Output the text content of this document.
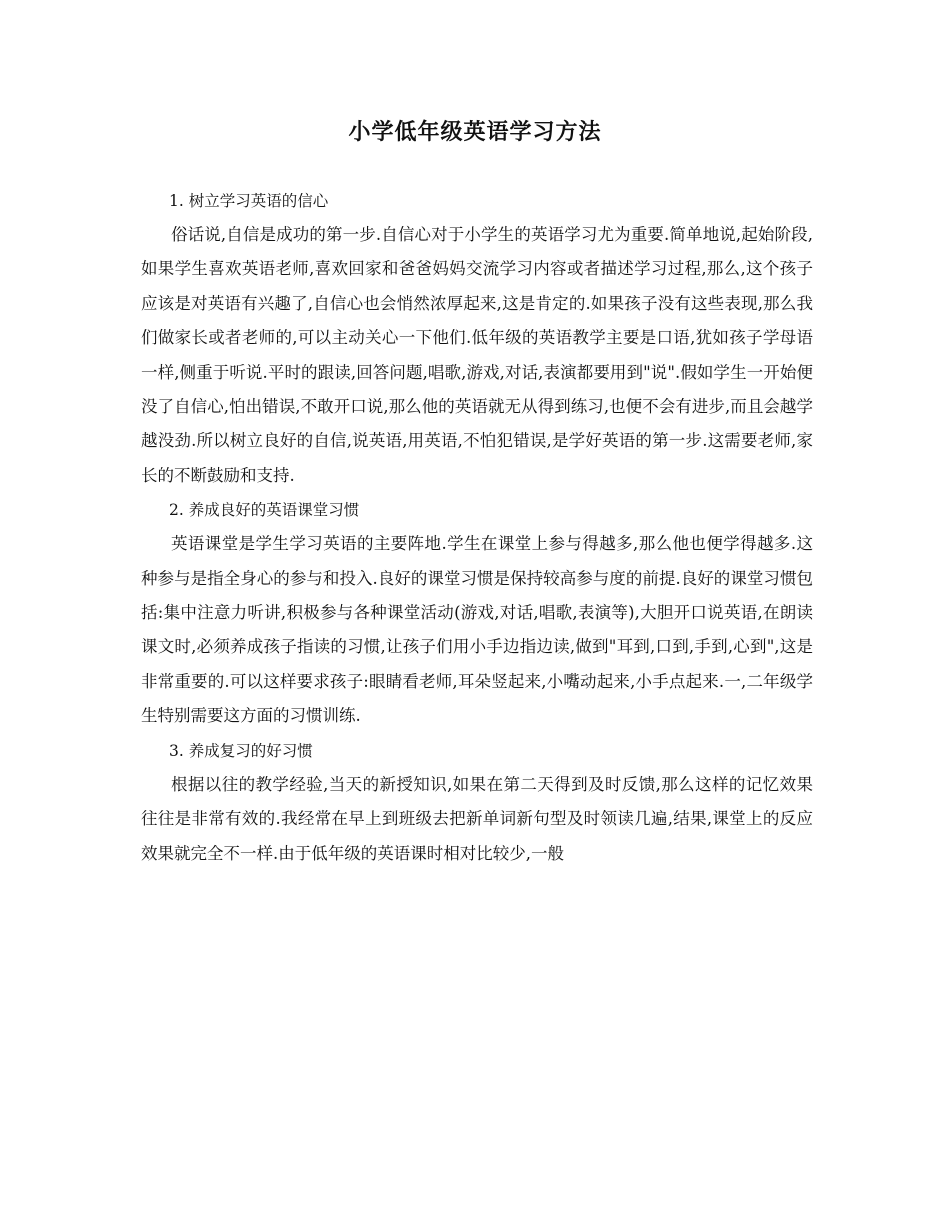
小学低年级英语学习方法

1. 树立学习英语的信心

俗话说,自信是成功的第一步.自信心对于小学生的英语学习尤为重要.简单地说,起始阶段,如果学生喜欢英语老师,喜欢回家和爸爸妈妈交流学习内容或者描述学习过程,那么,这个孩子应该是对英语有兴趣了,自信心也会悄然浓厚起来,这是肯定的.如果孩子没有这些表现,那么我们做家长或者老师的,可以主动关心一下他们.低年级的英语教学主要是口语,犹如孩子学母语一样,侧重于听说.平时的跟读,回答问题,唱歌,游戏,对话,表演都要用到"说".假如学生一开始便没了自信心,怕出错误,不敢开口说,那么他的英语就无从得到练习,也便不会有进步,而且会越学越没劲.所以树立良好的自信,说英语,用英语,不怕犯错误,是学好英语的第一步.这需要老师,家长的不断鼓励和支持.

2. 养成良好的英语课堂习惯

英语课堂是学生学习英语的主要阵地.学生在课堂上参与得越多,那么他也便学得越多.这种参与是指全身心的参与和投入.良好的课堂习惯是保持较高参与度的前提.良好的课堂习惯包括:集中注意力听讲,积极参与各种课堂活动(游戏,对话,唱歌,表演等),大胆开口说英语,在朗读课文时,必须养成孩子指读的习惯,让孩子们用小手边指边读,做到"耳到,口到,手到,心到",这是非常重要的.可以这样要求孩子:眼睛看老师,耳朵竖起来,小嘴动起来,小手点起来.一,二年级学生特别需要这方面的习惯训练.

3. 养成复习的好习惯

根据以往的教学经验,当天的新授知识,如果在第二天得到及时反馈,那么这样的记忆效果往往是非常有效的.我经常在早上到班级去把新单词新句型及时领读几遍,结果,课堂上的反应效果就完全不一样.由于低年级的英语课时相对比较少,一般
